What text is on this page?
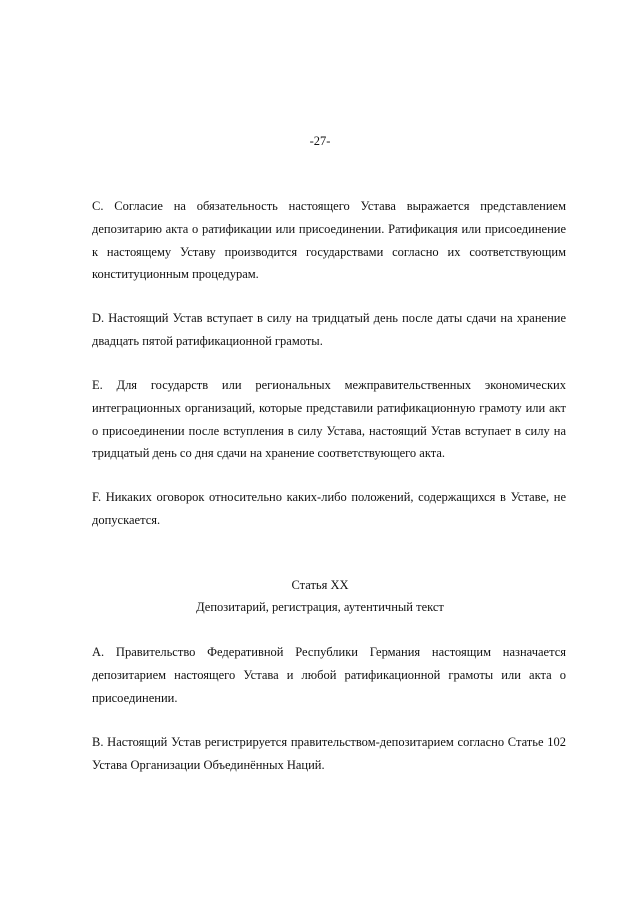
-27-

C. Согласие на обязательность настоящего Устава выражается представлением депозитарию акта о ратификации или присоединении. Ратификация или присоединение к настоящему Уставу производится государствами согласно их соответствующим конституционным процедурам.

D. Настоящий Устав вступает в силу на тридцатый день после даты сдачи на хранение двадцать пятой ратификационной грамоты.

E. Для государств или региональных межправительственных экономических интеграционных организаций, которые представили ратификационную грамоту или акт о присоединении после вступления в силу Устава, настоящий Устав вступает в силу на тридцатый день со дня сдачи на хранение соответствующего акта.

F. Никаких оговорок относительно каких-либо положений, содержащихся в Уставе, не допускается.

Статья XX
Депозитарий, регистрация, аутентичный текст

A. Правительство Федеративной Республики Германия настоящим назначается депозитарием настоящего Устава и любой ратификационной грамоты или акта о присоединении.

B. Настоящий Устав регистрируется правительством-депозитарием согласно Статье 102 Устава Организации Объединённых Наций.
